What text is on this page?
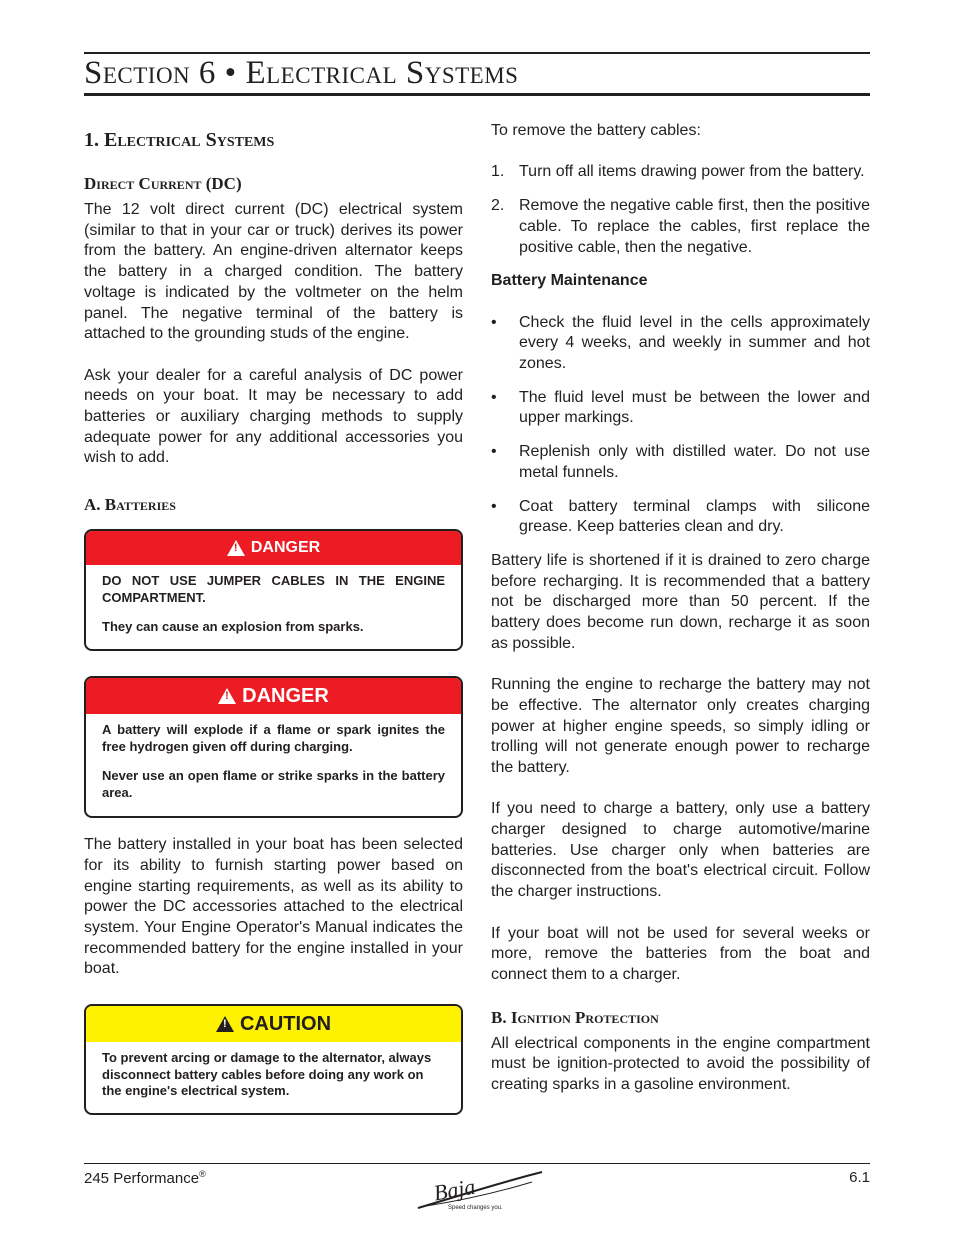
Section 6 • Electrical Systems
1. Electrical Systems
Direct Current (DC)

The 12 volt direct current (DC) electrical system (similar to that in your car or truck) derives its power from the battery. An engine-driven alternator keeps the battery in a charged condition. The battery voltage is indicated by the voltmeter on the helm panel. The negative terminal of the battery is attached to the grounding studs of the engine.

Ask your dealer for a careful analysis of DC power needs on your boat. It may be necessary to add batteries or auxiliary charging methods to supply adequate power for any additional accessories you wish to add.

A. Batteries
! DANGER

DO NOT USE JUMPER CABLES IN THE ENGINE COMPARTMENT.

They can cause an explosion from sparks.

! DANGER

A battery will explode if a flame or spark ignites the free hydrogen given off during charging.

Never use an open flame or strike sparks in the battery area.

The battery installed in your boat has been selected for its ability to furnish starting power based on engine starting requirements, as well as its ability to power the DC accessories attached to the electrical system. Your Engine Operator's Manual indicates the recommended battery for the engine installed in your boat.

! CAUTION

To prevent arcing or damage to the alternator, always disconnect battery cables before doing any work on the engine's electrical system.

To remove the battery cables:

1. Turn off all items drawing power from the battery.
2. Remove the negative cable first, then the positive cable. To replace the cables, first replace the positive cable, then the negative.

Battery Maintenance

• Check the fluid level in the cells approximately every 4 weeks, and weekly in summer and hot zones.
• The fluid level must be between the lower and upper markings.
• Replenish only with distilled water. Do not use metal funnels.
• Coat battery terminal clamps with silicone grease. Keep batteries clean and dry.

Battery life is shortened if it is drained to zero charge before recharging. It is recommended that a battery not be discharged more than 50 percent. If the battery does become run down, recharge it as soon as possible.

Running the engine to recharge the battery may not be effective. The alternator only creates charging power at higher engine speeds, so simply idling or trolling will not generate enough power to recharge the battery.

If you need to charge a battery, only use a battery charger designed to charge automotive/marine batteries. Use charger only when batteries are disconnected from the boat's electrical circuit. Follow the charger instructions.

If your boat will not be used for several weeks or more, remove the batteries from the boat and connect them to a charger.

B. Ignition Protection

All electrical components in the engine compartment must be ignition-protected to avoid the possibility of creating sparks in a gasoline environment.

245 Performance®	6.1
Baja
Speed changes you.
